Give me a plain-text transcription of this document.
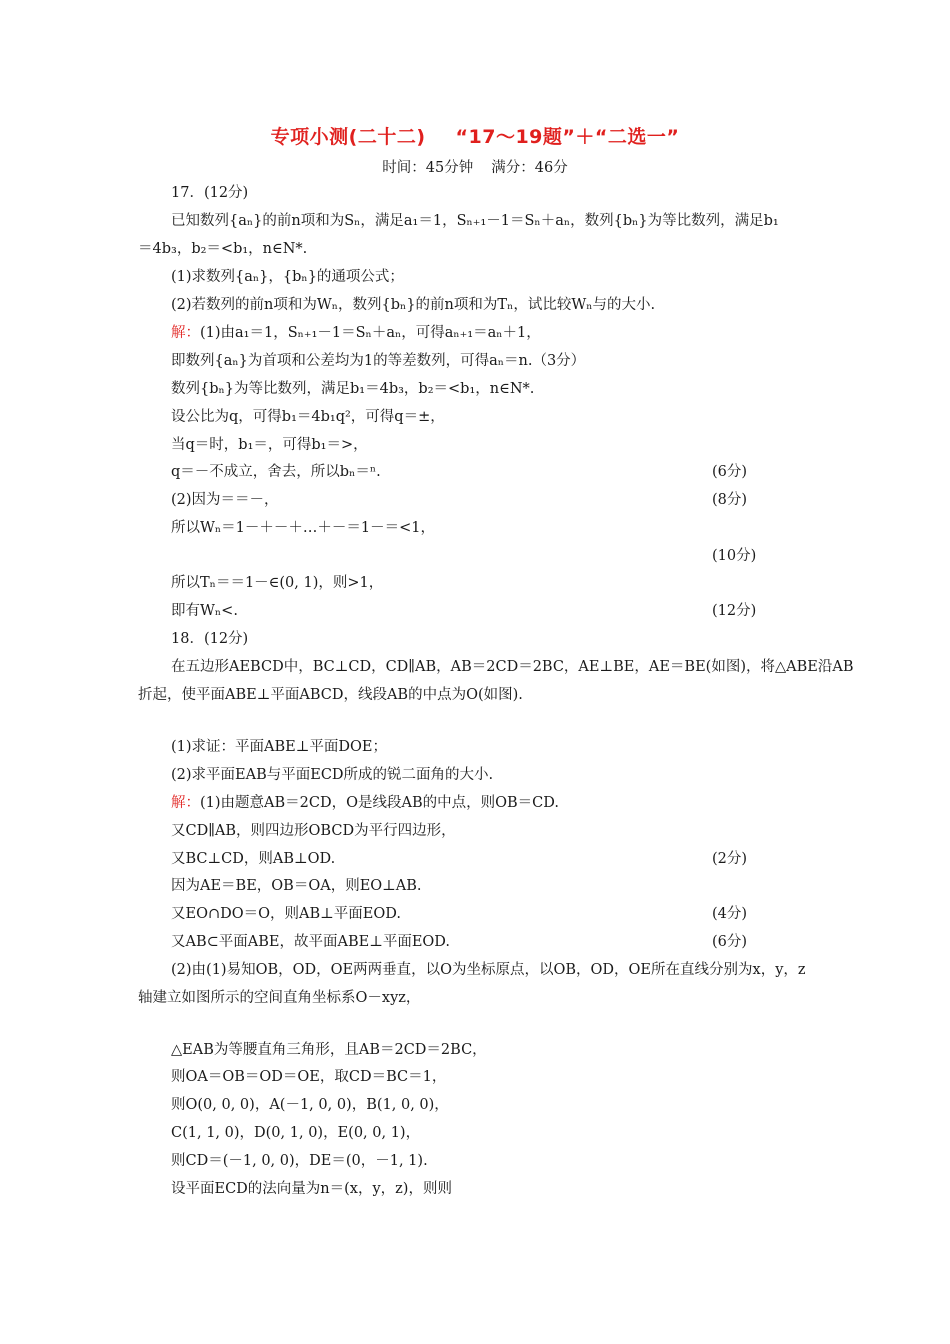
专项小测(二十二) “17～19题”＋“二选一”
时间：45分钟 满分：46分
17．(12分)
已知数列{aₙ}的前n项和为Sₙ，满足a₁＝1，Sₙ₊₁－1＝Sₙ＋aₙ，数列{bₙ}为等比数列，满足b₁
＝4b₃，b₂＝<b₁，n∈N*.
(1)求数列{aₙ}，{bₙ}的通项公式；
(2)若数列的前n项和为Wₙ，数列{bₙ}的前n项和为Tₙ，试比较Wₙ与的大小.
解：(1)由a₁＝1，Sₙ₊₁－1＝Sₙ＋aₙ，可得aₙ₊₁＝aₙ＋1，
即数列{aₙ}为首项和公差均为1的等差数列，可得aₙ＝n.（3分）
数列{bₙ}为等比数列，满足b₁＝4b₃，b₂＝<b₁，n∈N*.
设公比为q，可得b₁＝4b₁q²，可得q＝±，
当q＝时，b₁＝，可得b₁＝>，
q＝－不成立，舍去，所以bₙ＝ⁿ.	(6分)
(2)因为＝＝－，	(8分)
所以Wₙ＝1－＋－＋…＋－＝1－＝<1，
(10分)
所以Tₙ＝＝1－∈(0, 1)，则>1，
即有Wₙ<.	(12分)
18．(12分)
在五边形AEBCD中，BC⊥CD，CD∥AB，AB＝2CD＝2BC，AE⊥BE，AE＝BE(如图)，将△ABE沿AB
折起，使平面ABE⊥平面ABCD，线段AB的中点为O(如图).
(1)求证：平面ABE⊥平面DOE；
(2)求平面EAB与平面ECD所成的锐二面角的大小.
解：(1)由题意AB＝2CD，O是线段AB的中点，则OB＝CD.
又CD∥AB，则四边形OBCD为平行四边形，
又BC⊥CD，则AB⊥OD.	(2分)
因为AE＝BE，OB＝OA，则EO⊥AB.
又EO∩DO＝O，则AB⊥平面EOD.	(4分)
又AB⊂平面ABE，故平面ABE⊥平面EOD.	(6分)
(2)由(1)易知OB，OD，OE两两垂直，以O为坐标原点，以OB，OD，OE所在直线分别为x，y，z
轴建立如图所示的空间直角坐标系O－xyz，
△EAB为等腰直角三角形，且AB＝2CD＝2BC，
则OA＝OB＝OD＝OE，取CD＝BC＝1，
则O(0, 0, 0)，A(－1, 0, 0)，B(1, 0, 0)，
C(1, 1, 0)，D(0, 1, 0)，E(0, 0, 1)，
则CD＝(－1, 0, 0)，DE＝(0，－1, 1).
设平面ECD的法向量为n＝(x，y，z)，则则
